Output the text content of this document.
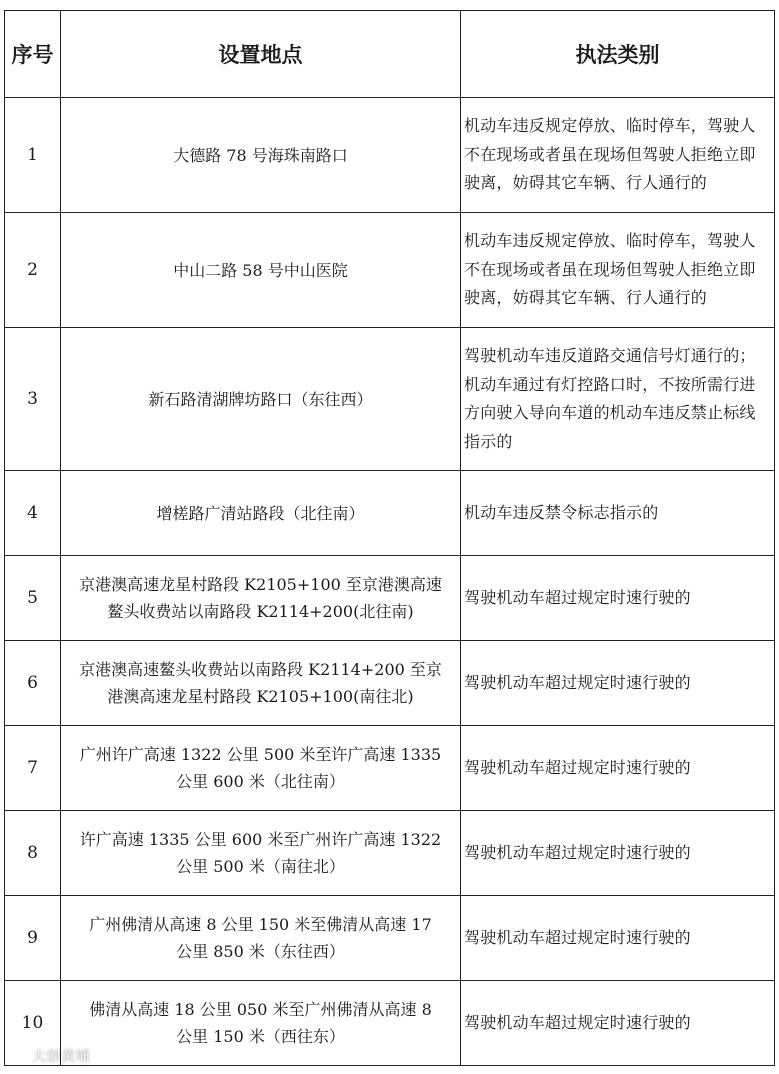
序号	设置地点	执法类别
1	大德路 78 号海珠南路口	机动车违反规定停放、临时停车，驾驶人不在现场或者虽在现场但驾驶人拒绝立即驶离，妨碍其它车辆、行人通行的

2	中山二路 58 号中山医院	机动车违反规定停放、临时停车，驾驶人不在现场或者虽在现场但驾驶人拒绝立即驶离，妨碍其它车辆、行人通行的

3	新石路清湖牌坊路口（东往西）	驾驶机动车违反道路交通信号灯通行的；
机动车通过有灯控路口时，不按所需行进方向驶入导向车道的机动车违反禁止标线指示的

4	增槎路广清站路段（北往南）	机动车违反禁令标志指示的

5	京港澳高速龙星村路段 K2105+100 至京港澳高速
鳌头收费站以南路段 K2114+200(北往南)	驾驶机动车超过规定时速行驶的

6	京港澳高速鳌头收费站以南路段 K2114+200 至京
港澳高速龙星村路段 K2105+100(南往北)	驾驶机动车超过规定时速行驶的

7	广州许广高速 1322 公里 500 米至许广高速 1335
公里 600 米（北往南）	驾驶机动车超过规定时速行驶的

8	许广高速 1335 公里 600 米至广州许广高速 1322
公里 500 米（南往北）	驾驶机动车超过规定时速行驶的

9	广州佛清从高速 8 公里 150 米至佛清从高速 17
公里 850 米（东往西）	驾驶机动车超过规定时速行驶的

10	佛清从高速 18 公里 050 米至广州佛清从高速 8
公里 150 米（西往东）	驾驶机动车超过规定时速行驶的
大创黄埔
